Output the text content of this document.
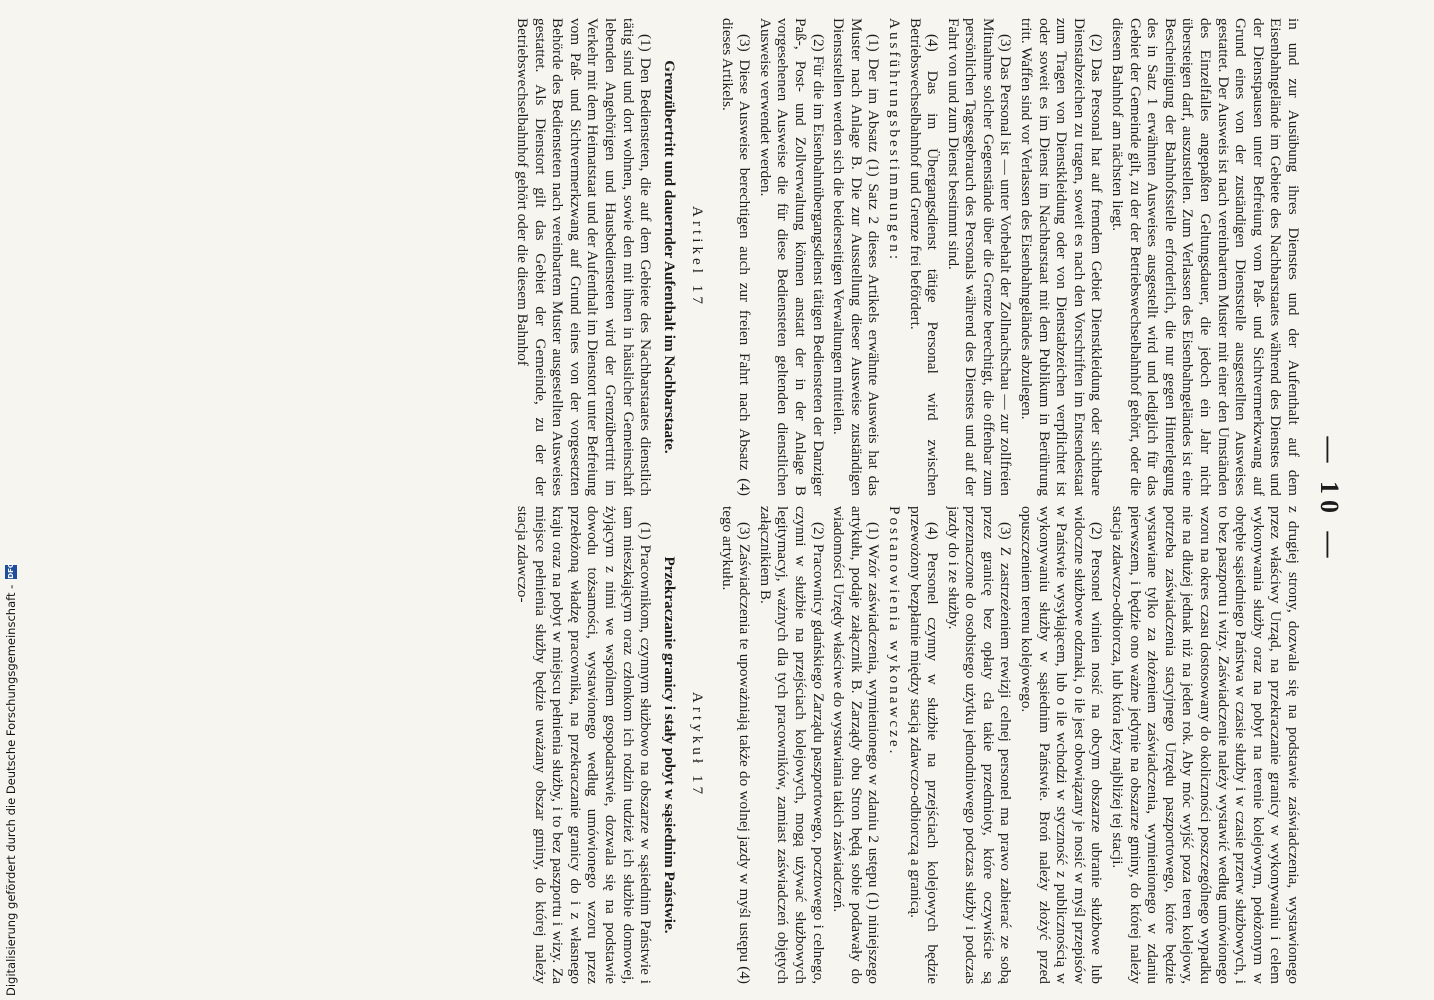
— 10 —

in und zur Ausübung ihres Dienstes und der Aufenthalt auf dem Eisenbahngelände im Gebiete des Nachbarstaates während des Dienstes und der Dienstpausen unter Befreiung vom Paß- und Sichtvermerkzwang auf Grund eines von der zuständigen Dienststelle ausgestellten Ausweises gestattet. Der Ausweis ist nach vereinbartem Muster mit einer den Umständen des Einzelfalles angepaßten Geltungsdauer, die jedoch ein Jahr nicht übersteigen darf, auszustellen. Zum Verlassen des Eisenbahngeländes ist eine Bescheinigung der Bahnhofsstelle erforderlich, die nur gegen Hinterlegung des in Satz 1 erwähnten Ausweises ausgestellt wird und lediglich für das Gebiet der Gemeinde gilt, zu der der Betriebswechselbahnhof gehört, oder die diesem Bahnhof am nächsten liegt.

(2) Das Personal hat auf fremdem Gebiet Dienstkleidung oder sichtbare Dienstabzeichen zu tragen, soweit es nach den Vorschriften im Entsendestaat zum Tragen von Dienstkleidung oder von Dienstabzeichen verpflichtet ist oder soweit es im Dienst im Nachbarstaat mit dem Publikum in Berührung tritt. Waffen sind vor Verlassen des Eisenbahngeländes abzulegen.

(3) Das Personal ist — unter Vorbehalt der Zollnachschau — zur zollfreien Mitnahme solcher Gegenstände über die Grenze berechtigt, die offenbar zum persönlichen Tagesgebrauch des Personals während des Dienstes und auf der Fahrt von und zum Dienst bestimmt sind.

(4) Das im Übergangsdienst tätige Personal wird zwischen Betriebswechselbahnhof und Grenze frei befördert.

Ausführungsbestimmungen:

(1) Der im Absatz (1) Satz 2 dieses Artikels erwähnte Ausweis hat das Muster nach Anlage B. Die zur Ausstellung dieser Ausweise zuständigen Dienststellen werden sich die beiderseitigen Verwaltungen mitteilen.

(2) Für die im Eisenbahnübergangsdienst tätigen Bediensteten der Danziger Paß-, Post- und Zollverwaltung können anstatt der in der Anlage B vorgesehenen Ausweise die für diese Bediensteten geltenden dienstlichen Ausweise verwendet werden.

(3) Diese Ausweise berechtigen auch zur freien Fahrt nach Absatz (4) dieses Artikels.

Artikel 17
Grenzübertritt und dauernder Aufenthalt im Nachbarstaate.

(1) Den Bediensteten, die auf dem Gebiete des Nachbarstaates dienstlich tätig sind und dort wohnen, sowie den mit ihnen in häuslicher Gemeinschaft lebenden Angehörigen und Hausbediensteten wird der Grenzübertritt im Verkehr mit dem Heimatstaat und der Aufenthalt im Dienstort unter Befreiung vom Paß- und Sichtvermerkzwang auf Grund eines von der vorgesetzten Behörde des Bediensteten nach vereinbartem Muster ausgestellten Ausweises gestattet. Als Dienstort gilt das Gebiet der Gemeinde, zu der der Betriebswechselbahnhof gehört oder die diesem Bahnhof

z drugiej strony, dozwala się na podstawie zaświadczenia, wystawionego przez właściwy Urząd, na przekraczanie granicy w wykonywaniu i celem wykonywania służby oraz na pobyt na terenie kolejowym, położonym w obrębie sąsiedniego Państwa w czasie służby i w czasie przerw służbowych, i to bez paszportu i wizy. Zaświadczenie należy wystawić według umówionego wzoru na okres czasu dostosowany do okoliczności poszczególnego wypadku nie na dłużej jednak niż na jeden rok. Aby móc wyjść poza teren kolejowy, potrzeba zaświadczenia stacyjnego Urzędu paszportowego, które będzie wystawiane tylko za złożeniem zaświadczenia, wymienionego w zdaniu pierwszem, i będzie ono ważne jedynie na obszarze gminy, do której należy stacja zdawczo-odbiorcza, lub która leży najbliżej tej stacji.

(2) Personel winien nosić na obcym obszarze ubranie służbowe lub widoczne służbowe odznaki, o ile jest obowiązany je nosić w myśl przepisów w Państwie wysyłającem, lub o ile wchodzi w styczność z publicznością w wykonywaniu służby w sąsiednim Państwie. Broń należy złożyć przed opuszczeniem terenu kolejowego.

(3) Z zastrzeżeniem rewizji celnej personel ma prawo zabierać ze sobą przez granicę bez opłaty cła takie przedmioty, które oczywiście są przeznaczone do osobistego użytku jednodniowego podczas służby i podczas jazdy do i ze służby.

(4) Personel czynny w służbie na przejściach kolejowych będzie przewożony bezpłatnie między stacją zdawczo-odbiorczą a granicą.

Postanowienia wykonawcze.

(1) Wzór zaświadczenia, wymienionego w zdaniu 2 ustępu (1) niniejszego artykułu, podaje załącznik B. Zarządy obu Stron będą sobie podawały do wiadomości Urzędy właściwe do wystawiania takich zaświadczeń.

(2) Pracownicy gdańskiego Zarządu paszportowego, pocztowego i celnego, czynni w służbie na przejściach kolejowych, mogą używać służbowych legitymacyj, ważnych dla tych pracowników, zamiast zaświadczeń objętych załącznikiem B.

(3) Zaświadczenia te upoważniają także do wolnej jazdy w myśl ustępu (4) tego artykułu.

Artykuł 17
Przekraczanie granicy i stały pobyt w sąsiednim Państwie.

(1) Pracownikom, czynnym służbowo na obszarze w sąsiednim Państwie i tam mieszkającym oraz członkom ich rodzin tudzież ich służbie domowej, żyjącym z nimi we wspólnem gospodarstwie, dozwala się na podstawie dowodu tożsamości, wystawionego według umówionego wzoru przez przełożoną władzę pracownika, na przekraczanie granicy do i z własnego kraju oraz na pobyt w miejscu pełnienia służby, i to bez paszportu i wizy. Za miejsce pełnienia służby będzie uważany obszar gminy, do której należy stacja zdawczo-

Digitalisierung gefördert durch die Deutsche Forschungsgemeinschaft -
DFG
